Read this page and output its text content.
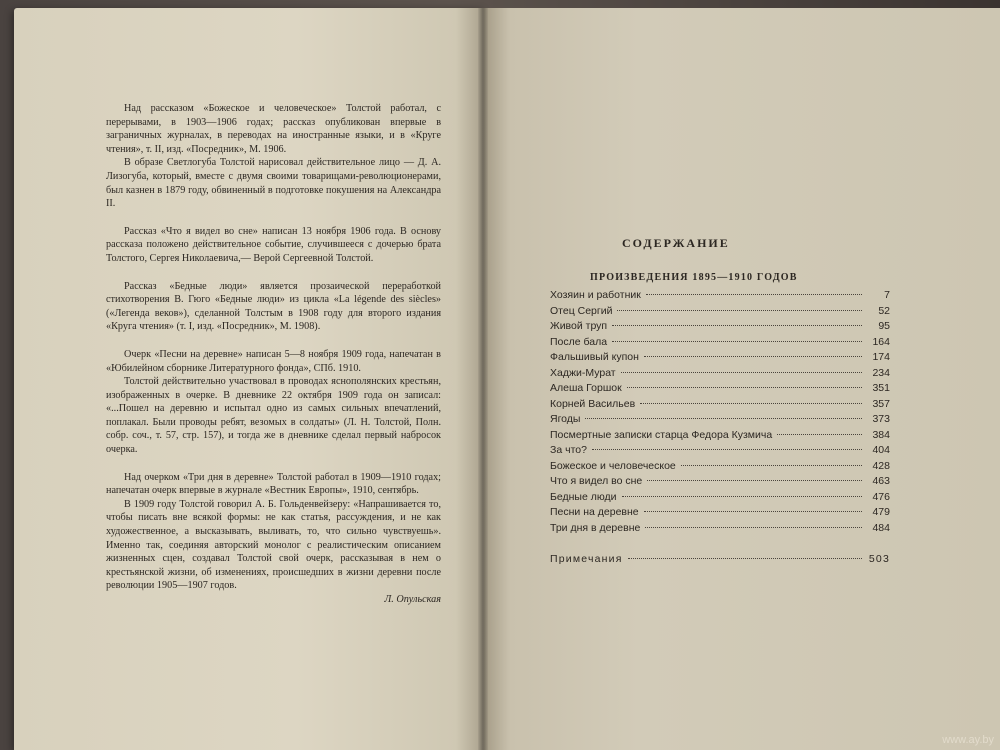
Над рассказом «Божеское и человеческое» Толстой работал, с перерывами, в 1903—1906 годах; рассказ опубликован впервые в заграничных журналах, в переводах на иностранные языки, и в «Круге чтения», т. II, изд. «Посредник», М. 1906.

В образе Светлогуба Толстой нарисовал действительное лицо — Д. А. Лизогуба, который, вместе с двумя своими товарищами-революционерами, был казнен в 1879 году, обвиненный в подготовке покушения на Александра II.

Рассказ «Что я видел во сне» написан 13 ноября 1906 года. В основу рассказа положено действительное событие, случившееся с дочерью брата Толстого, Сергея Николаевича,— Верой Сергеевной Толстой.

Рассказ «Бедные люди» является прозаической переработкой стихотворения В. Гюго «Бедные люди» из цикла «La légende des siècles» («Легенда веков»), сделанной Толстым в 1908 году для второго издания «Круга чтения» (т. I, изд. «Посредник», М. 1908).

Очерк «Песни на деревне» написан 5—8 ноября 1909 года, напечатан в «Юбилейном сборнике Литературного фонда», СПб. 1910.

Толстой действительно участвовал в проводах яснополянских крестьян, изображенных в очерке. В дневнике 22 октября 1909 года он записал: «...Пошел на деревню и испытал одно из самых сильных впечатлений, поплакал. Были проводы ребят, везомых в солдаты» (Л. Н. Толстой, Полн. собр. соч., т. 57, стр. 157), и тогда же в дневнике сделал первый набросок очерка.

Над очерком «Три дня в деревне» Толстой работал в 1909—1910 годах; напечатан очерк впервые в журнале «Вестник Европы», 1910, сентябрь.

В 1909 году Толстой говорил А. Б. Гольденвейзеру: «Напрашивается то, чтобы писать вне всякой формы: не как статья, рассуждения, и не как художественное, а высказывать, выливать, то, что сильно чувствуешь». Именно так, соединяя авторский монолог с реалистическим описанием жизненных сцен, создавал Толстой свой очерк, рассказывая в нем о крестьянской жизни, об изменениях, происшедших в жизни деревни после революции 1905—1907 годов.

Л. Опульская

СОДЕРЖАНИЕ
ПРОИЗВЕДЕНИЯ 1895—1910 ГОДОВ
Хозяин и работник	7
Отец Сергий	52
Живой труп	95
После бала	164
Фальшивый купон	174
Хаджи-Мурат	234
Алеша Горшок	351
Корней Васильев	357
Ягоды	373
Посмертные записки старца Федора Кузмича	384
За что?	404
Божеское и человеческое	428
Что я видел во сне	463
Бедные люди	476
Песни на деревне	479
Три дня в деревне	484
Примечания	503
www.ay.by
